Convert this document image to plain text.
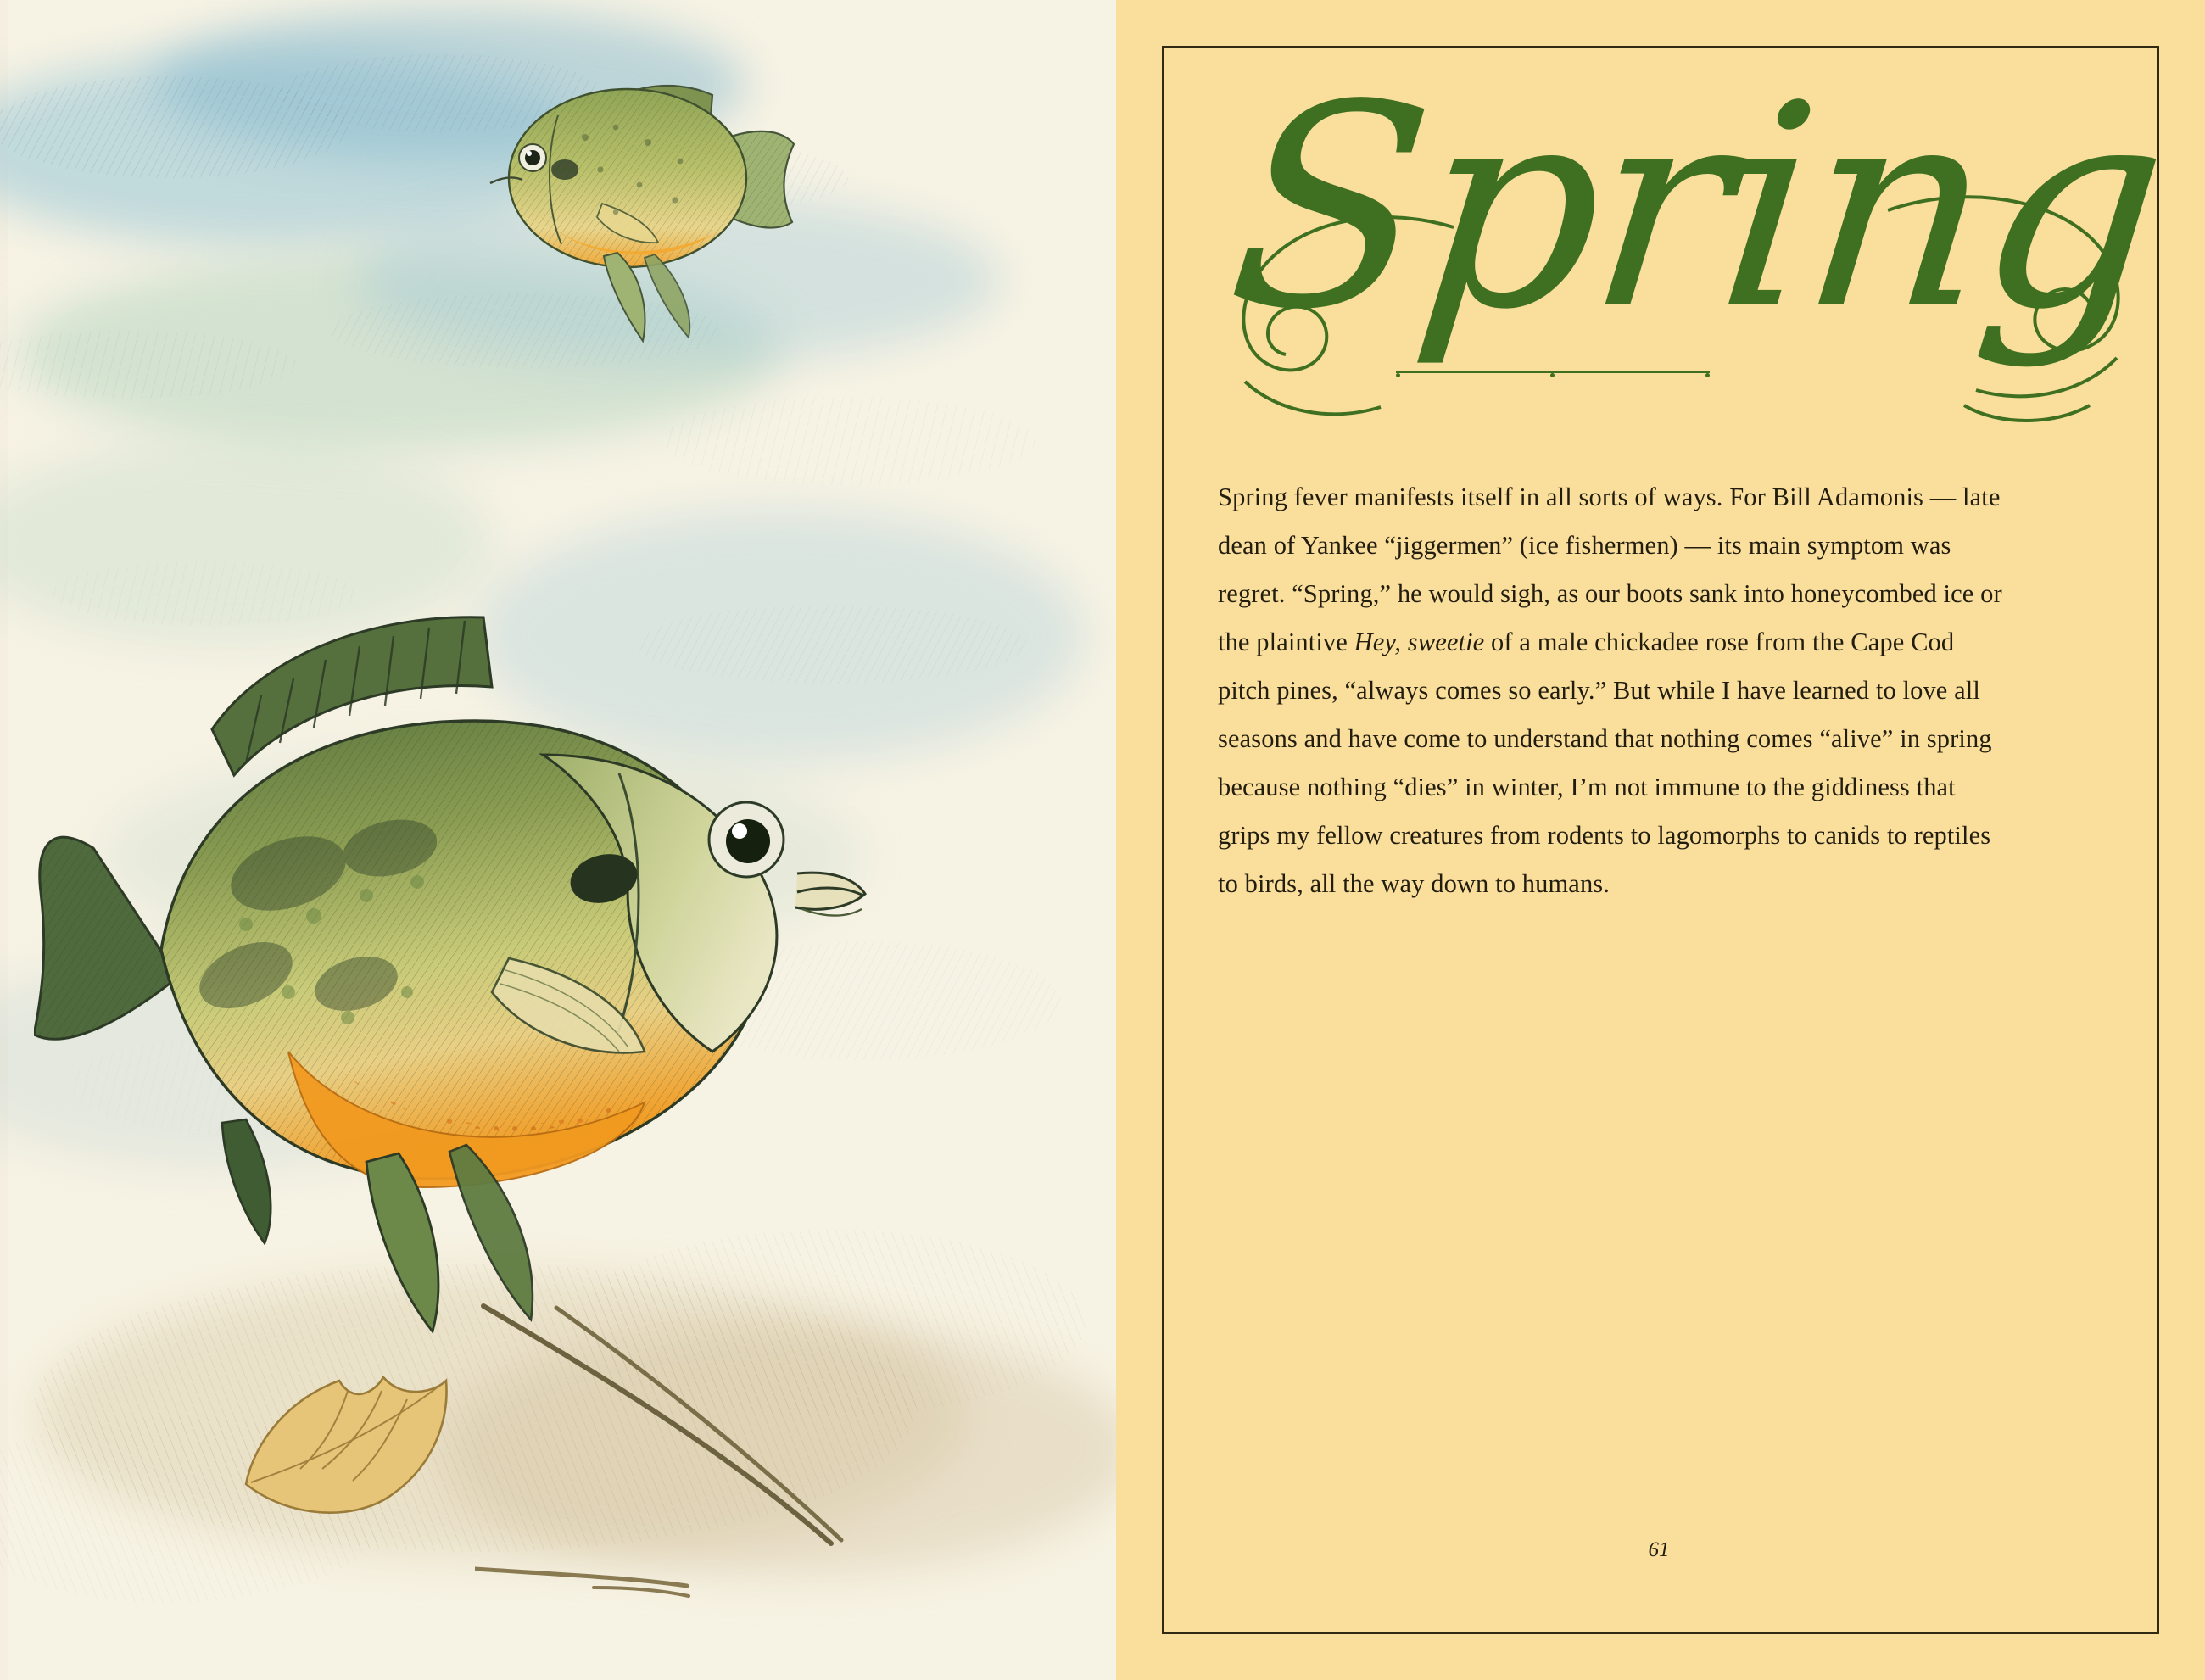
Spring
Spring fever manifests itself in all sorts of ways. For Bill Adamonis — late dean of Yankee “jiggermen” (ice fishermen) — its main symptom was regret. “Spring,” he would sigh, as our boots sank into honeycombed ice or the plaintive Hey, sweetie of a male chickadee rose from the Cape Cod pitch pines, “always comes so early.” But while I have learned to love all seasons and have come to understand that nothing comes “alive” in spring because nothing “dies” in winter, I’m not immune to the giddiness that grips my fellow creatures from rodents to lagomorphs to canids to reptiles to birds, all the way down to humans.
61
